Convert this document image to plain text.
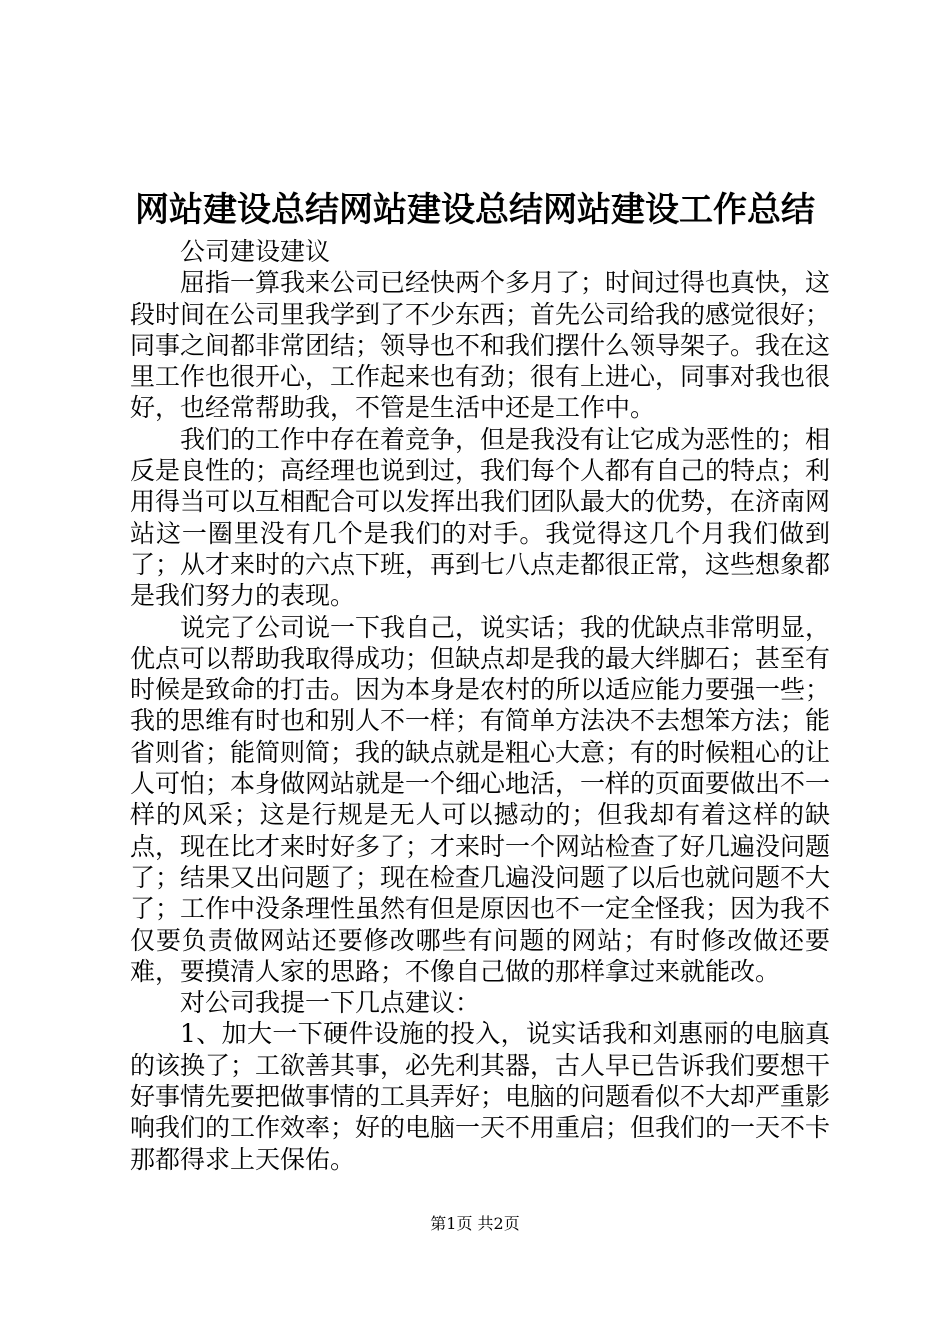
网站建设总结网站建设总结网站建设工作总结

公司建设建议

屈指一算我来公司已经快两个多月了；时间过得也真快，这段时间在公司里我学到了不少东西；首先公司给我的感觉很好；同事之间都非常团结；领导也不和我们摆什么领导架子。我在这里工作也很开心，工作起来也有劲；很有上进心，同事对我也很好，也经常帮助我，不管是生活中还是工作中。

我们的工作中存在着竞争，但是我没有让它成为恶性的；相反是良性的；高经理也说到过，我们每个人都有自己的特点；利用得当可以互相配合可以发挥出我们团队最大的优势，在济南网站这一圈里没有几个是我们的对手。我觉得这几个月我们做到了；从才来时的六点下班，再到七八点走都很正常，这些想象都是我们努力的表现。

说完了公司说一下我自己，说实话；我的优缺点非常明显，优点可以帮助我取得成功；但缺点却是我的最大绊脚石；甚至有时候是致命的打击。因为本身是农村的所以适应能力要强一些；我的思维有时也和别人不一样；有简单方法决不去想笨方法；能省则省；能简则简；我的缺点就是粗心大意；有的时候粗心的让人可怕；本身做网站就是一个细心地活，一样的页面要做出不一样的风采；这是行规是无人可以撼动的；但我却有着这样的缺点，现在比才来时好多了；才来时一个网站检查了好几遍没问题了；结果又出问题了；现在检查几遍没问题了以后也就问题不大了；工作中没条理性虽然有但是原因也不一定全怪我；因为我不仅要负责做网站还要修改哪些有问题的网站；有时修改做还要难，要摸清人家的思路；不像自己做的那样拿过来就能改。

对公司我提一下几点建议：

1、加大一下硬件设施的投入，说实话我和刘惠丽的电脑真的该换了；工欲善其事，必先利其器，古人早已告诉我们要想干好事情先要把做事情的工具弄好；电脑的问题看似不大却严重影响我们的工作效率；好的电脑一天不用重启；但我们的一天不卡那都得求上天保佑。

第1页 共2页
